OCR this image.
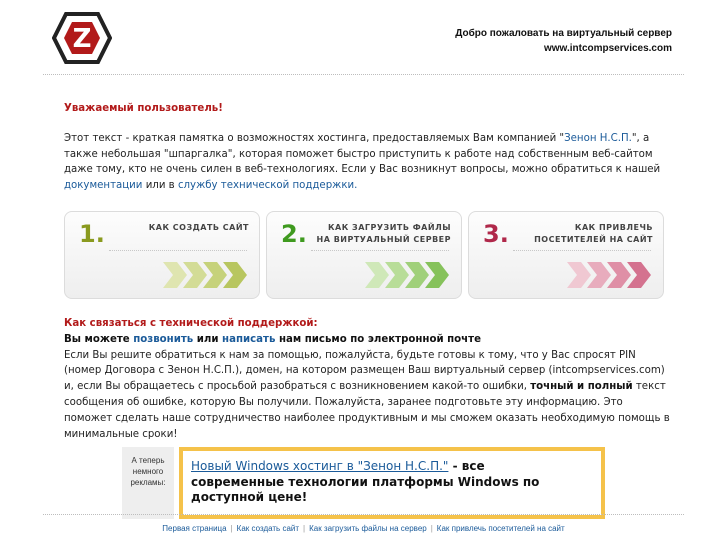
Z	Добро пожаловать на виртуальный сервер
www.intcompservices.com

Уважаемый пользователь!

Этот текст - краткая памятка о возможностях хостинга, предоставляемых Вам компанией "Зенон Н.С.П.", а также небольшая "шпаргалка", которая поможет быстро приступить к работе над собственным веб-сайтом даже тому, кто не очень силен в веб-технологиях. Если у Вас возникнут вопросы, можно обратиться к нашей документации или в службу технической поддержки.

1.	КАК СОЗДАТЬ САЙТ 2.	КАК ЗАГРУЗИТЬ ФАЙЛЫ
НА ВИРТУАЛЬНЫЙ СЕРВЕР 3.	КАК ПРИВЛЕЧЬ
ПОСЕТИТЕЛЕЙ НА САЙТ
Как связаться с технической поддержкой:
Вы можете позвонить или написать нам письмо по электронной почте
Если Вы решите обратиться к нам за помощью, пожалуйста, будьте готовы к тому, что у Вас спросят PIN (номер Договора с Зенон Н.С.П.), домен, на котором размещен Ваш виртуальный сервер (intcompservices.com) и, если Вы обращаетесь с просьбой разобраться с возникновением какой-то ошибки, точный и полный текст сообщения об ошибке, которую Вы получили. Пожалуйста, заранее подготовьте эту информацию. Это поможет сделать наше сотрудничество наиболее продуктивным и мы сможем оказать необходимую помощь в минимальные сроки!
А теперь немного рекламы:
Новый Windows хостинг в "Зенон Н.С.П." - все современные технологии платформы Windows по доступной цене!
Первая страница | Как создать сайт | Как загрузить файлы на сервер | Как привлечь посетителей на сайт
